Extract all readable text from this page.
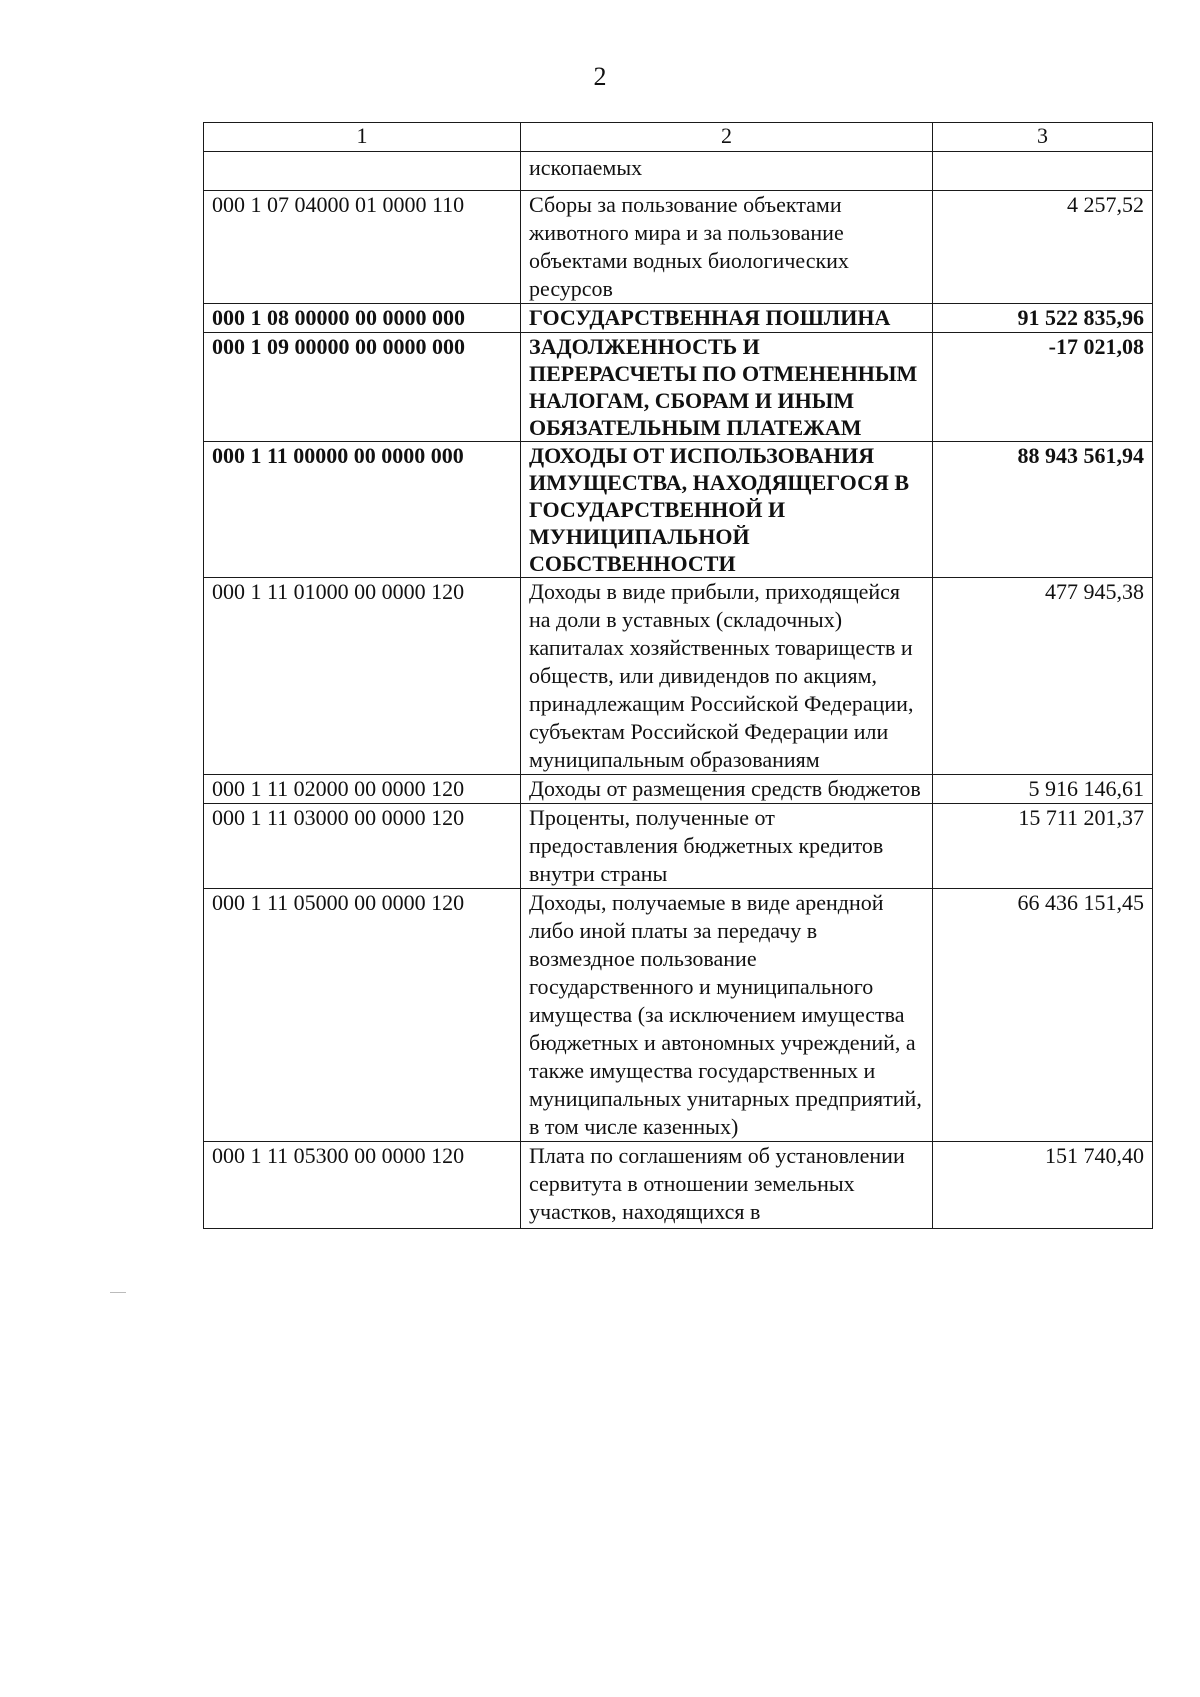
2
1	2	3
	ископаемых	
000 1 07 04000 01 0000 110	Сборы за пользование объектами животного мира и за пользование объектами водных биологических ресурсов	4 257,52
000 1 08 00000 00 0000 000	ГОСУДАРСТВЕННАЯ ПОШЛИНА	91 522 835,96
000 1 09 00000 00 0000 000	ЗАДОЛЖЕННОСТЬ И ПЕРЕРАСЧЕТЫ ПО ОТМЕНЕННЫМ НАЛОГАМ, СБОРАМ И ИНЫМ ОБЯЗАТЕЛЬНЫМ ПЛАТЕЖАМ	-17 021,08
000 1 11 00000 00 0000 000	ДОХОДЫ ОТ ИСПОЛЬЗОВАНИЯ ИМУЩЕСТВА, НАХОДЯЩЕГОСЯ В ГОСУДАРСТВЕННОЙ И МУНИЦИПАЛЬНОЙ СОБСТВЕННОСТИ	88 943 561,94
000 1 11 01000 00 0000 120	Доходы в виде прибыли, приходящейся на доли в уставных (складочных) капиталах хозяйственных товариществ и обществ, или дивидендов по акциям, принадлежащим Российской Федерации, субъектам Российской Федерации или муниципальным образованиям	477 945,38
000 1 11 02000 00 0000 120	Доходы от размещения средств бюджетов	5 916 146,61
000 1 11 03000 00 0000 120	Проценты, полученные от предоставления бюджетных кредитов внутри страны	15 711 201,37
000 1 11 05000 00 0000 120	Доходы, получаемые в виде арендной либо иной платы за передачу в возмездное пользование государственного и муниципального имущества (за исключением имущества бюджетных и автономных учреждений, а также имущества государственных и муниципальных унитарных предприятий, в том числе казенных)	66 436 151,45
000 1 11 05300 00 0000 120	Плата по соглашениям об установлении сервитута в отношении земельных участков, находящихся в	151 740,40
